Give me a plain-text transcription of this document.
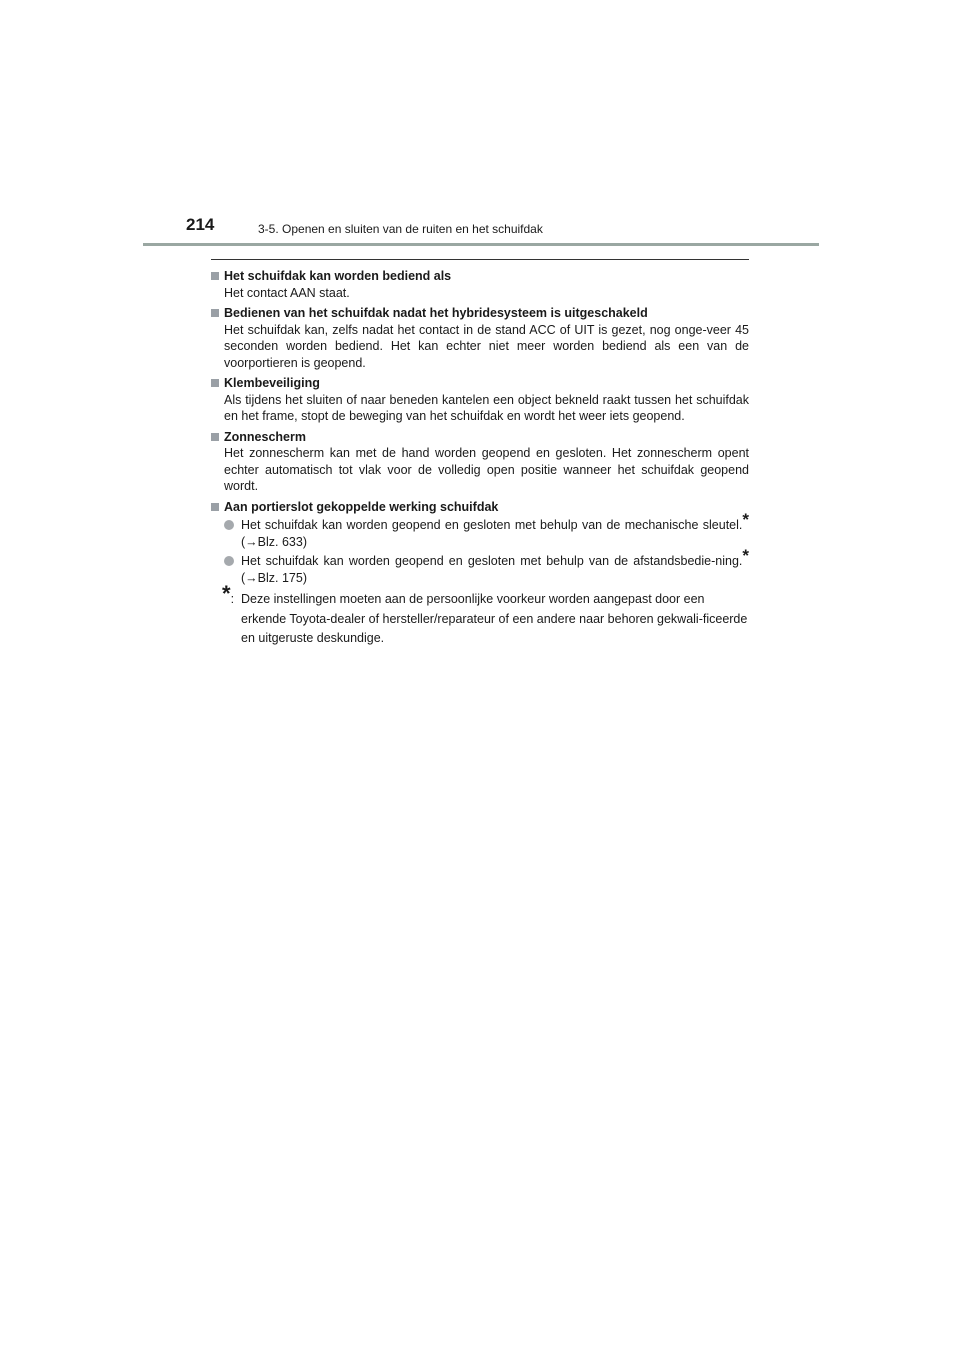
214	3-5. Openen en sluiten van de ruiten en het schuifdak
Het schuifdak kan worden bediend als
Het contact AAN staat.
Bedienen van het schuifdak nadat het hybridesysteem is uitgeschakeld
Het schuifdak kan, zelfs nadat het contact in de stand ACC of UIT is gezet, nog onge-veer 45 seconden worden bediend. Het kan echter niet meer worden bediend als een van de voorportieren is geopend.
Klembeveiliging
Als tijdens het sluiten of naar beneden kantelen een object bekneld raakt tussen het schuifdak en het frame, stopt de beweging van het schuifdak en wordt het weer iets geopend.
Zonnescherm
Het zonnescherm kan met de hand worden geopend en gesloten. Het zonnescherm opent echter automatisch tot vlak voor de volledig open positie wanneer het schuifdak geopend wordt.
Aan portierslot gekoppelde werking schuifdak
Het schuifdak kan worden geopend en gesloten met behulp van de mechanische sleutel.* (→Blz. 633)
Het schuifdak kan worden geopend en gesloten met behulp van de afstandsbedie-ning.* (→Blz. 175)
*: Deze instellingen moeten aan de persoonlijke voorkeur worden aangepast door een erkende Toyota-dealer of hersteller/reparateur of een andere naar behoren gekwali-ficeerde en uitgeruste deskundige.
